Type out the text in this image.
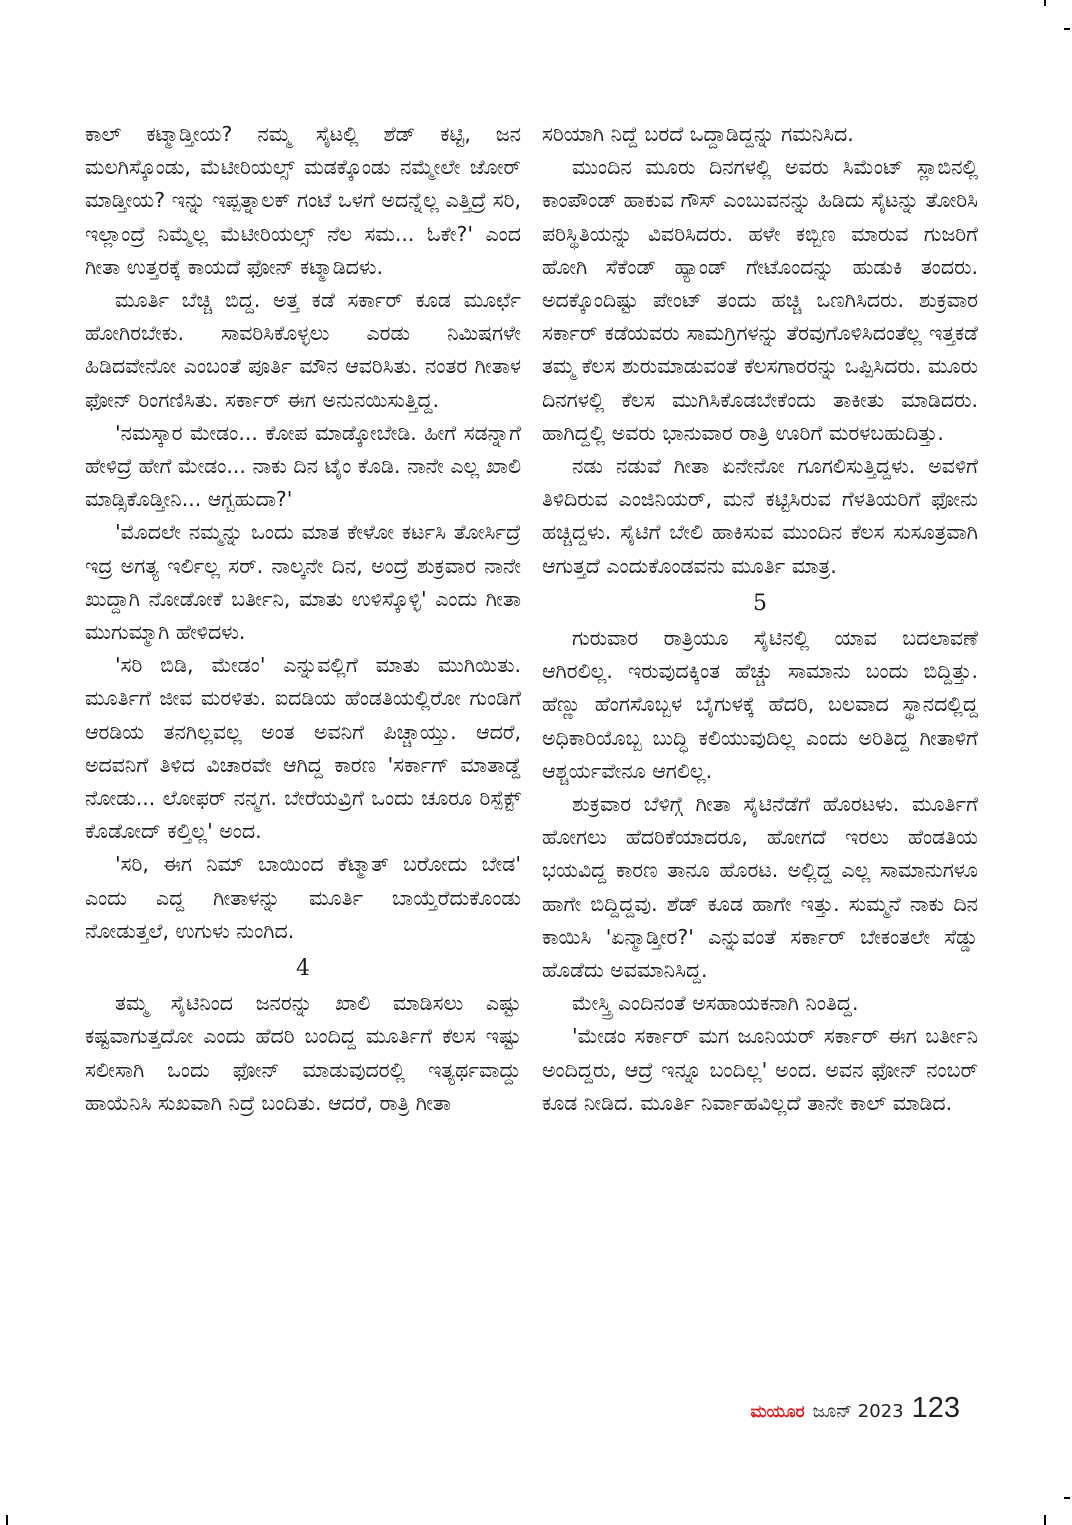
ಕಾಲ್ ಕಟ್ಮಾಡ್ತೀಯ? ನಮ್ಮ ಸೈಟಲ್ಲಿ ಶೆಡ್ ಕಟ್ಟಿ, ಜನ ಮಲಗಿಸ್ಕೊಂಡು, ಮೆಟೀರಿಯಲ್ಸ್ ಮಡಕ್ಕೊಂಡು ನಮ್ಮೇಲೇ ಜೋರ್ ಮಾಡ್ತೀಯ? ಇನ್ನು ಇಪ್ಪತ್ನಾಲಕ್ ಗಂಟೆ ಒಳಗೆ ಅದನ್ನೆಲ್ಲ ಎತ್ತಿದ್ರೆ ಸರಿ, ಇಲ್ಲಾಂದ್ರೆ ನಿಮ್ಮೆಲ್ಲ ಮೆಟೀರಿಯಲ್ಸ್ ನೆಲ ಸಮ... ಓಕೇ?' ಎಂದ ಗೀತಾ ಉತ್ತರಕ್ಕೆ ಕಾಯದೆ ಫೋನ್ ಕಟ್ಮಾಡಿದಳು.

ಮೂರ್ತಿ ಬೆಚ್ಚಿ ಬಿದ್ದ. ಅತ್ತ ಕಡೆ ಸರ್ಕಾರ್ ಕೂಡ ಮೂರ್ಛೆ ಹೋಗಿರಬೇಕು. ಸಾವರಿಸಿಕೊಳ್ಳಲು ಎರಡು ನಿಮಿಷಗಳೇ ಹಿಡಿದವೇನೋ ಎಂಬಂತೆ ಪೂರ್ತಿ ಮೌನ ಆವರಿಸಿತು. ನಂತರ ಗೀತಾಳ ಫೋನ್ ರಿಂಗಣಿಸಿತು. ಸರ್ಕಾರ್ ಈಗ ಅನುನಯಿಸುತ್ತಿದ್ದ.

'ನಮಸ್ಕಾರ ಮೇಡಂ... ಕೋಪ ಮಾಡ್ಕೋಬೇಡಿ. ಹೀಗೆ ಸಡನ್ನಾಗೆ ಹೇಳಿದ್ರೆ ಹೇಗೆ ಮೇಡಂ... ನಾಕು ದಿನ ಟೈಂ ಕೊಡಿ. ನಾನೇ ಎಲ್ಲ ಖಾಲಿ ಮಾಡ್ಸಿಕೊಡ್ತೀನಿ... ಆಗ್ಬಹುದಾ?'

'ಮೊದಲೇ ನಮ್ಮನ್ನು ಒಂದು ಮಾತ ಕೇಳೋ ಕರ್ಟಸಿ ತೋರ್ಸಿದ್ರೆ ಇದ್ರ ಅಗತ್ಯ ಇರ್ಲಿಲ್ಲ ಸರ್. ನಾಲ್ಕನೇ ದಿನ, ಅಂದ್ರೆ ಶುಕ್ರವಾರ ನಾನೇ ಖುದ್ದಾಗಿ ನೋಡೋಕೆ ಬರ್ತೀನಿ, ಮಾತು ಉಳಿಸ್ಕೊಳ್ಳಿ' ಎಂದು ಗೀತಾ ಮುಗುಮ್ಮಾಗಿ ಹೇಳಿದಳು.

'ಸರಿ ಬಿಡಿ, ಮೇಡಂ' ಎನ್ನುವಲ್ಲಿಗೆ ಮಾತು ಮುಗಿಯಿತು. ಮೂರ್ತಿಗೆ ಜೀವ ಮರಳಿತು. ಐದಡಿಯ ಹೆಂಡತಿಯಲ್ಲಿರೋ ಗುಂಡಿಗೆ ಆರಡಿಯ ತನಗಿಲ್ಲವಲ್ಲ ಅಂತ ಅವನಿಗೆ ಪಿಚ್ಚಾಯ್ತು. ಆದರೆ, ಅದವನಿಗೆ ತಿಳಿದ ವಿಚಾರವೇ ಆಗಿದ್ದ ಕಾರಣ 'ಸರ್ಕಾಗ್ ಮಾತಾಡ್ದೆ ನೋಡು... ಲೋಫರ್ ನನ್ಮಗ. ಬೇರೆಯವ್ರಿಗೆ ಒಂದು ಚೂರೂ ರಿಸ್ಪೆಕ್ಟ್ ಕೊಡೋದ್ ಕಲ್ತಿಲ್ಲ' ಅಂದ.

'ಸರಿ, ಈಗ ನಿಮ್ ಬಾಯಿಂದ ಕೆಟ್ಮಾತ್ ಬರೋದು ಬೇಡ' ಎಂದು ಎದ್ದ ಗೀತಾಳನ್ನು ಮೂರ್ತಿ ಬಾಯ್ತೆರೆದುಕೊಂಡು ನೋಡುತ್ತಲೆ, ಉಗುಳು ನುಂಗಿದ.

4

ತಮ್ಮ ಸೈಟಿನಿಂದ ಜನರನ್ನು ಖಾಲಿ ಮಾಡಿಸಲು ಎಷ್ಟು ಕಷ್ಟವಾಗುತ್ತದೋ ಎಂದು ಹೆದರಿ ಬಂದಿದ್ದ ಮೂರ್ತಿಗೆ ಕೆಲಸ ಇಷ್ಟು ಸಲೀಸಾಗಿ ಒಂದು ಫೋನ್ ಮಾಡುವುದರಲ್ಲಿ ಇತ್ಯರ್ಥವಾದ್ದು ಹಾಯೆನಿಸಿ ಸುಖವಾಗಿ ನಿದ್ರೆ ಬಂದಿತು. ಆದರೆ, ರಾತ್ರಿ ಗೀತಾ

ಸರಿಯಾಗಿ ನಿದ್ದೆ ಬರದೆ ಒದ್ದಾಡಿದ್ದನ್ನು ಗಮನಿಸಿದ.

ಮುಂದಿನ ಮೂರು ದಿನಗಳಲ್ಲಿ ಅವರು ಸಿಮೆಂಟ್ ಸ್ಲಾಬಿನಲ್ಲಿ ಕಾಂಪೌಂಡ್ ಹಾಕುವ ಗೌಸ್ ಎಂಬುವನನ್ನು ಹಿಡಿದು ಸೈಟನ್ನು ತೋರಿಸಿ ಪರಿಸ್ಥಿತಿಯನ್ನು ವಿವರಿಸಿದರು. ಹಳೇ ಕಬ್ಬಿಣ ಮಾರುವ ಗುಜರಿಗೆ ಹೋಗಿ ಸೆಕೆಂಡ್ ಹ್ಯಾಂಡ್ ಗೇಟೊಂದನ್ನು ಹುಡುಕಿ ತಂದರು. ಅದಕ್ಕೊಂದಿಷ್ಟು ಪೇಂಟ್ ತಂದು ಹಚ್ಚಿ ಒಣಗಿಸಿದರು. ಶುಕ್ರವಾರ ಸರ್ಕಾರ್ ಕಡೆಯವರು ಸಾಮಗ್ರಿಗಳನ್ನು ತೆರವುಗೊಳಿಸಿದಂತೆಲ್ಲ ಇತ್ತಕಡೆ ತಮ್ಮ ಕೆಲಸ ಶುರುಮಾಡುವಂತೆ ಕೆಲಸಗಾರರನ್ನು ಒಪ್ಪಿಸಿದರು. ಮೂರು ದಿನಗಳಲ್ಲಿ ಕೆಲಸ ಮುಗಿಸಿಕೊಡಬೇಕೆಂದು ತಾಕೀತು ಮಾಡಿದರು. ಹಾಗಿದ್ದಲ್ಲಿ ಅವರು ಭಾನುವಾರ ರಾತ್ರಿ ಊರಿಗೆ ಮರಳಬಹುದಿತ್ತು.

ನಡು ನಡುವೆ ಗೀತಾ ಏನೇನೋ ಗೂಗಲಿಸುತ್ತಿದ್ದಳು. ಅವಳಿಗೆ ತಿಳಿದಿರುವ ಎಂಜಿನಿಯರ್, ಮನೆ ಕಟ್ಟಿಸಿರುವ ಗೆಳತಿಯರಿಗೆ ಫೋನು ಹಚ್ಚಿದ್ದಳು. ಸೈಟಿಗೆ ಬೇಲಿ ಹಾಕಿಸುವ ಮುಂದಿನ ಕೆಲಸ ಸುಸೂತ್ರವಾಗಿ ಆಗುತ್ತದೆ ಎಂದುಕೊಂಡವನು ಮೂರ್ತಿ ಮಾತ್ರ.

5

ಗುರುವಾರ ರಾತ್ರಿಯೂ ಸೈಟಿನಲ್ಲಿ ಯಾವ ಬದಲಾವಣೆ ಆಗಿರಲಿಲ್ಲ. ಇರುವುದಕ್ಕಿಂತ ಹೆಚ್ಚು ಸಾಮಾನು ಬಂದು ಬಿದ್ದಿತ್ತು. ಹೆಣ್ಣು ಹೆಂಗಸೊಬ್ಬಳ ಬೈಗುಳಕ್ಕೆ ಹೆದರಿ, ಬಲವಾದ ಸ್ಥಾನದಲ್ಲಿದ್ದ ಅಧಿಕಾರಿಯೊಬ್ಬ ಬುದ್ಧಿ ಕಲಿಯುವುದಿಲ್ಲ ಎಂದು ಅರಿತಿದ್ದ ಗೀತಾಳಿಗೆ ಆಶ್ಚರ್ಯವೇನೂ ಆಗಲಿಲ್ಲ.

ಶುಕ್ರವಾರ ಬೆಳಿಗ್ಗೆ ಗೀತಾ ಸೈಟಿನೆಡೆಗೆ ಹೊರಟಳು. ಮೂರ್ತಿಗೆ ಹೋಗಲು ಹೆದರಿಕೆಯಾದರೂ, ಹೋಗದೆ ಇರಲು ಹೆಂಡತಿಯ ಭಯವಿದ್ದ ಕಾರಣ ತಾನೂ ಹೊರಟ. ಅಲ್ಲಿದ್ದ ಎಲ್ಲ ಸಾಮಾನುಗಳೂ ಹಾಗೇ ಬಿದ್ದಿದ್ದವು. ಶೆಡ್ ಕೂಡ ಹಾಗೇ ಇತ್ತು. ಸುಮ್ಮನೆ ನಾಕು ದಿನ ಕಾಯಿಸಿ 'ಏನ್ಮಾಡ್ತೀರ?' ಎನ್ನುವಂತೆ ಸರ್ಕಾರ್ ಬೇಕಂತಲೇ ಸೆಡ್ಡು ಹೊಡೆದು ಅವಮಾನಿಸಿದ್ದ.

ಮೇಸ್ತ್ರಿ ಎಂದಿನಂತೆ ಅಸಹಾಯಕನಾಗಿ ನಿಂತಿದ್ದ.

'ಮೇಡಂ ಸರ್ಕಾರ್ ಮಗ ಜೂನಿಯರ್ ಸರ್ಕಾರ್ ಈಗ ಬರ್ತೀನಿ ಅಂದಿದ್ದರು, ಆದ್ರೆ ಇನ್ನೂ ಬಂದಿಲ್ಲ' ಅಂದ. ಅವನ ಫೋನ್ ನಂಬರ್ ಕೂಡ ನೀಡಿದ. ಮೂರ್ತಿ ನಿರ್ವಾಹವಿಲ್ಲದೆ ತಾನೇ ಕಾಲ್ ಮಾಡಿದ.

ಮಯೂರ ಜೂನ್ 2023 123
